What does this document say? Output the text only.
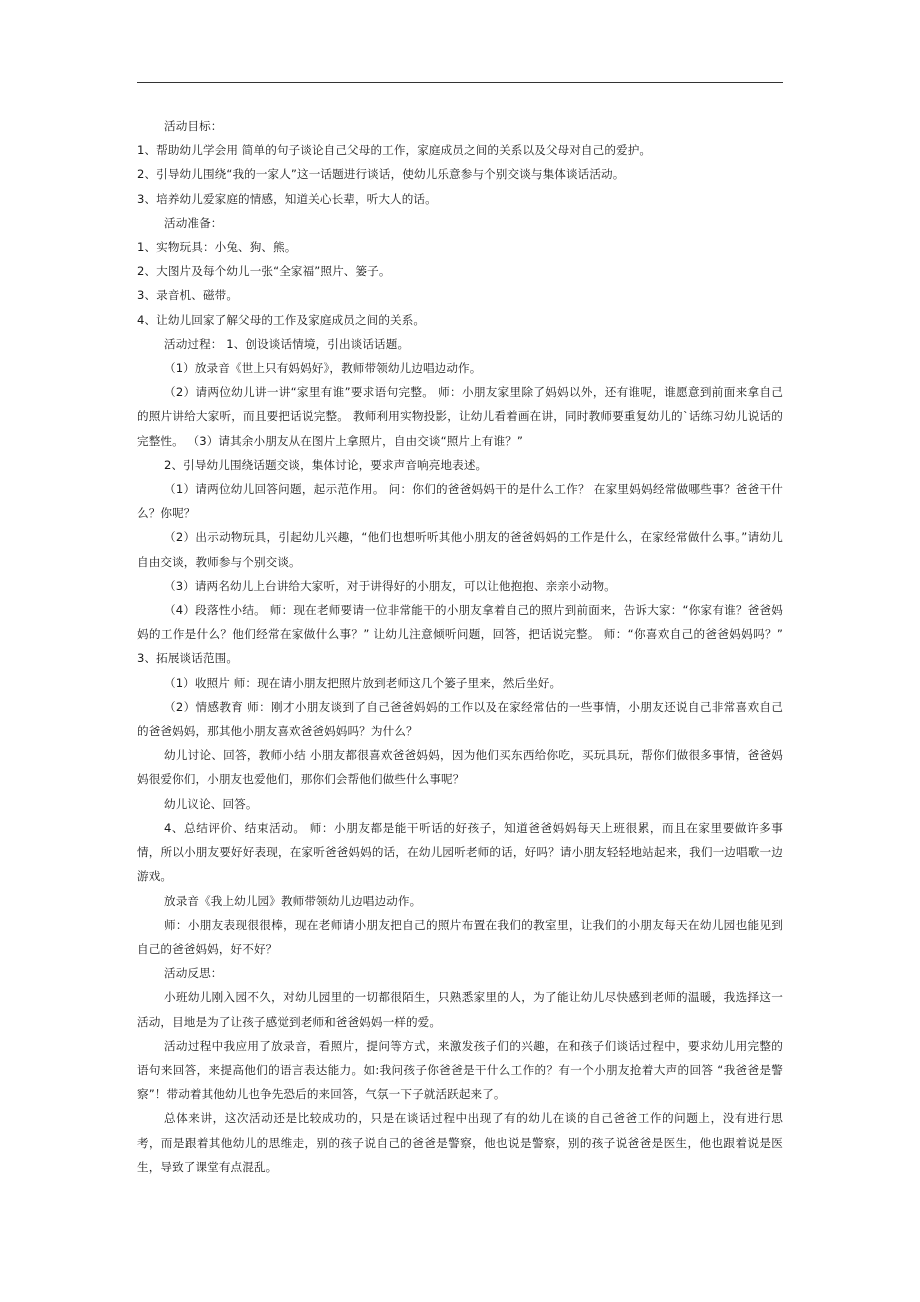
活动目标：

1、帮助幼儿学会用 简单的句子谈论自己父母的工作，家庭成员之间的关系以及父母对自己的爱护。

2、引导幼儿围绕“我的一家人”这一话题进行谈话，使幼儿乐意参与个别交谈与集体谈话活动。

3、培养幼儿爱家庭的情感，知道关心长辈，听大人的话。

活动准备：

1、实物玩具：小兔、狗、熊。

2、大图片及每个幼儿一张“全家福”照片、篓子。

3、录音机、磁带。

4、让幼儿回家了解父母的工作及家庭成员之间的关系。

活动过程： 1、创设谈话情境，引出谈话话题。

（1）放录音《世上只有妈妈好》，教师带领幼儿边唱边动作。

（2）请两位幼儿讲一讲“家里有谁”要求语句完整。 师：小朋友家里除了妈妈以外，还有谁呢，谁愿意到前面来拿自己的照片讲给大家听，而且要把话说完整。 教师利用实物投影，让幼儿看着画在讲，同时教师要重复幼儿的`话练习幼儿说话的完整性。 （3）请其余小朋友从在图片上拿照片，自由交谈“照片上有谁？”

2、引导幼儿围绕话题交谈，集体讨论，要求声音响亮地表述。

（1）请两位幼儿回答问题，起示范作用。 问：你们的爸爸妈妈干的是什么工作？ 在家里妈妈经常做哪些事？爸爸干什么？你呢？

（2）出示动物玩具，引起幼儿兴趣，“他们也想听听其他小朋友的爸爸妈妈的工作是什么，在家经常做什么事。”请幼儿自由交谈，教师参与个别交谈。

（3）请两名幼儿上台讲给大家听，对于讲得好的小朋友，可以让他抱抱、亲亲小动物。

（4）段落性小结。 师：现在老师要请一位非常能干的小朋友拿着自己的照片到前面来，告诉大家：“你家有谁？爸爸妈妈的工作是什么？他们经常在家做什么事？” 让幼儿注意倾听问题，回答，把话说完整。 师：“你喜欢自己的爸爸妈妈吗？” 3、拓展谈话范围。

（1）收照片 师：现在请小朋友把照片放到老师这几个篓子里来，然后坐好。

（2）情感教育 师：刚才小朋友谈到了自己爸爸妈妈的工作以及在家经常估的一些事情，小朋友还说自己非常喜欢自己的爸爸妈妈，那其他小朋友喜欢爸爸妈妈吗？为什么？

幼儿讨论、回答，教师小结 小朋友都很喜欢爸爸妈妈，因为他们买东西给你吃，买玩具玩，帮你们做很多事情，爸爸妈妈很爱你们，小朋友也爱他们，那你们会帮他们做些什么事呢？

幼儿议论、回答。

4、总结评价、结束活动。 师：小朋友都是能干听话的好孩子，知道爸爸妈妈每天上班很累，而且在家里要做许多事情，所以小朋友要好好表现，在家听爸爸妈妈的话，在幼儿园听老师的话，好吗？请小朋友轻轻地站起来，我们一边唱歌一边游戏。

放录音《我上幼儿园》教师带领幼儿边唱边动作。

师：小朋友表现很很棒，现在老师请小朋友把自己的照片布置在我们的教室里，让我们的小朋友每天在幼儿园也能见到自己的爸爸妈妈，好不好？

活动反思：

小班幼儿刚入园不久，对幼儿园里的一切都很陌生，只熟悉家里的人，为了能让幼儿尽快感到老师的温暖，我选择这一活动，目地是为了让孩子感觉到老师和爸爸妈妈一样的爱。

活动过程中我应用了放录音，看照片，提问等方式，来激发孩子们的兴趣，在和孩子们谈话过程中，要求幼儿用完整的语句来回答，来提高他们的语言表达能力。如:我问孩子你爸爸是干什么工作的？有一个小朋友抢着大声的回答 “我爸爸是警察”！带动着其他幼儿也争先恐后的来回答，气氛一下子就活跃起来了。

总体来讲，这次活动还是比较成功的，只是在谈话过程中出现了有的幼儿在谈的自己爸爸工作的问题上，没有进行思考，而是跟着其他幼儿的思维走，别的孩子说自己的爸爸是警察，他也说是警察，别的孩子说爸爸是医生，他也跟着说是医生，导致了课堂有点混乱。
